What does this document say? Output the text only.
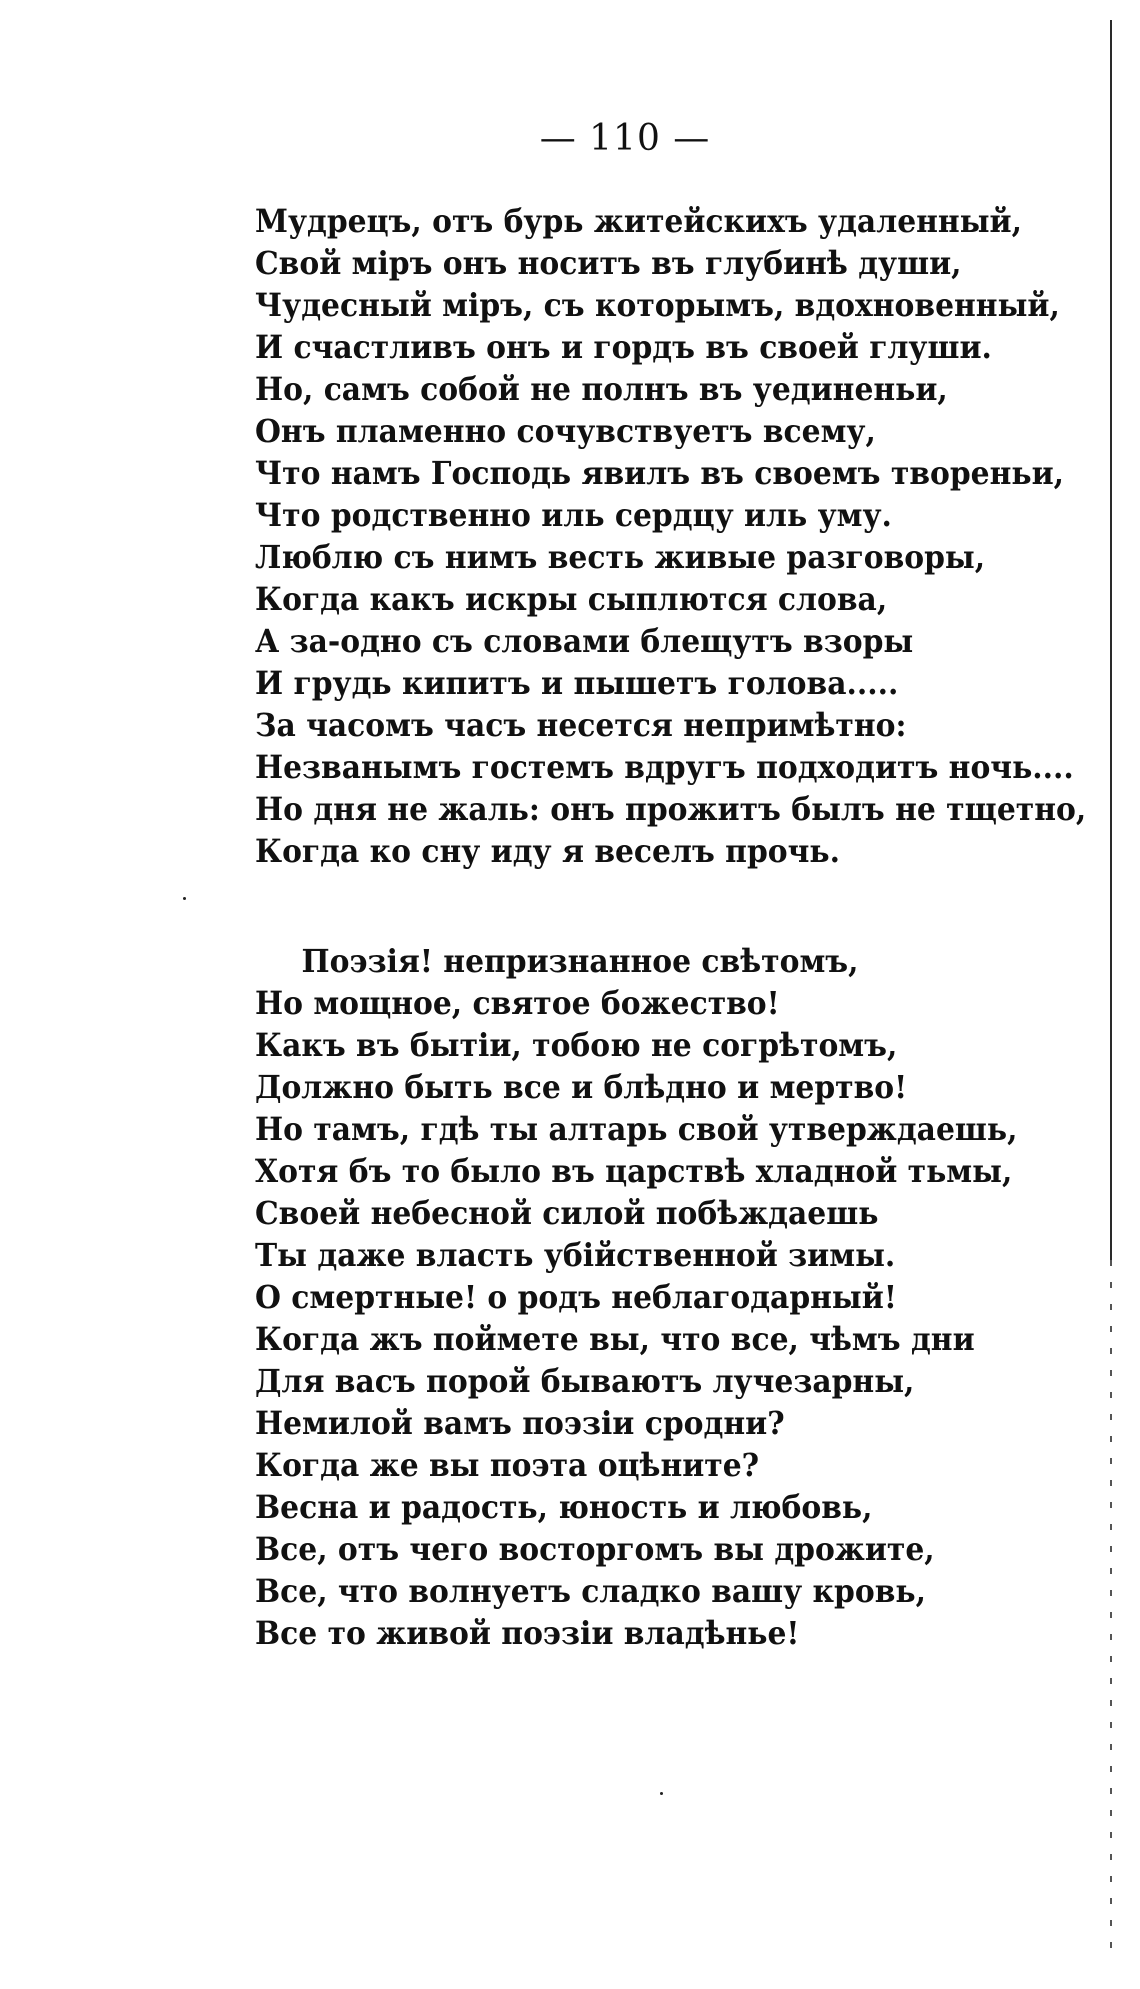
— 110 —
Мудрецъ, отъ бурь житейскихъ удаленный,
Свой міръ онъ носитъ въ глубинѣ души,
Чудесный міръ, съ которымъ, вдохновенный,
И счастливъ онъ и гордъ въ своей глуши.
Но, самъ собой не полнъ въ уединеньи,
Онъ пламенно сочувствуетъ всему,
Что намъ Господь явилъ въ своемъ твореньи,
Что родственно иль сердцу иль уму.
Люблю съ нимъ весть живые разговоры,
Когда какъ искры сыплются слова,
А за-одно съ словами блещутъ взоры
И грудь кипитъ и пышетъ голова.....
За часомъ часъ несется непримѣтно:
Незванымъ гостемъ вдругъ подходитъ ночь....
Но дня не жаль: онъ прожитъ былъ не тщетно,
Когда ко сну иду я веселъ прочь.
Поэзія! непризнанное свѣтомъ,
Но мощное, святое божество!
Какъ въ бытіи, тобою не согрѣтомъ,
Должно быть все и блѣдно и мертво!
Но тамъ, гдѣ ты алтарь свой утверждаешь,
Хотя бъ то было въ царствѣ хладной тьмы,
Своей небесной силой побѣждаешь
Ты даже власть убійственной зимы.
О смертные! о родъ неблагодарный!
Когда жъ поймете вы, что все, чѣмъ дни
Для васъ порой бываютъ лучезарны,
Немилой вамъ поэзіи сродни?
Когда же вы поэта оцѣните?
Весна и радость, юность и любовь,
Все, отъ чего восторгомъ вы дрожите,
Все, что волнуетъ сладко вашу кровь,
Все то живой поэзіи владѣнье!
